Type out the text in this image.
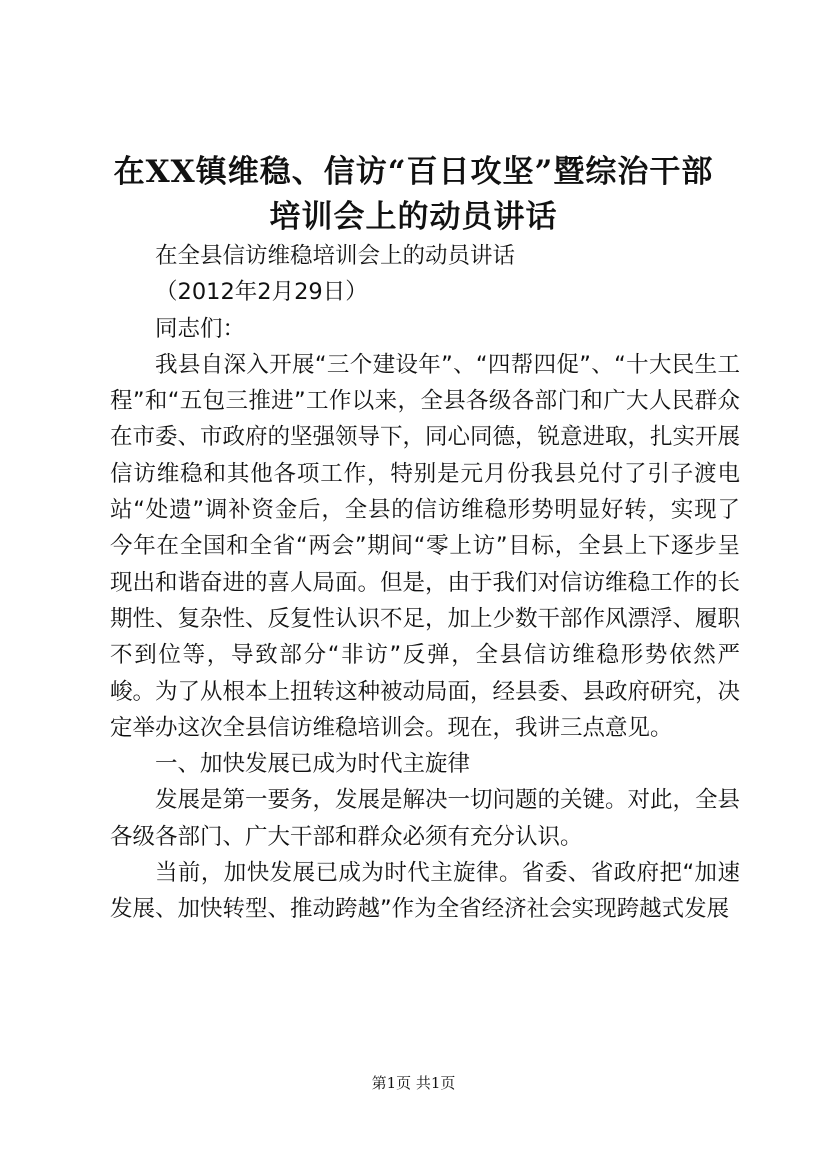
在XX镇维稳、信访“百日攻坚”暨综治干部
培训会上的动员讲话

在全县信访维稳培训会上的动员讲话

（2012年2月29日）

同志们：

我县自深入开展“三个建设年”、“四帮四促”、“十大民生工程”和“五包三推进”工作以来，全县各级各部门和广大人民群众在市委、市政府的坚强领导下，同心同德，锐意进取，扎实开展信访维稳和其他各项工作，特别是元月份我县兑付了引子渡电站“处遗”调补资金后，全县的信访维稳形势明显好转，实现了今年在全国和全省“两会”期间“零上访”目标，全县上下逐步呈现出和谐奋进的喜人局面。但是，由于我们对信访维稳工作的长期性、复杂性、反复性认识不足，加上少数干部作风漂浮、履职不到位等，导致部分“非访”反弹，全县信访维稳形势依然严峻。为了从根本上扭转这种被动局面，经县委、县政府研究，决定举办这次全县信访维稳培训会。现在，我讲三点意见。

一、加快发展已成为时代主旋律

发展是第一要务，发展是解决一切问题的关键。对此，全县各级各部门、广大干部和群众必须有充分认识。

当前，加快发展已成为时代主旋律。省委、省政府把“加速发展、加快转型、推动跨越”作为全省经济社会实现跨越式发展

第1页 共1页
